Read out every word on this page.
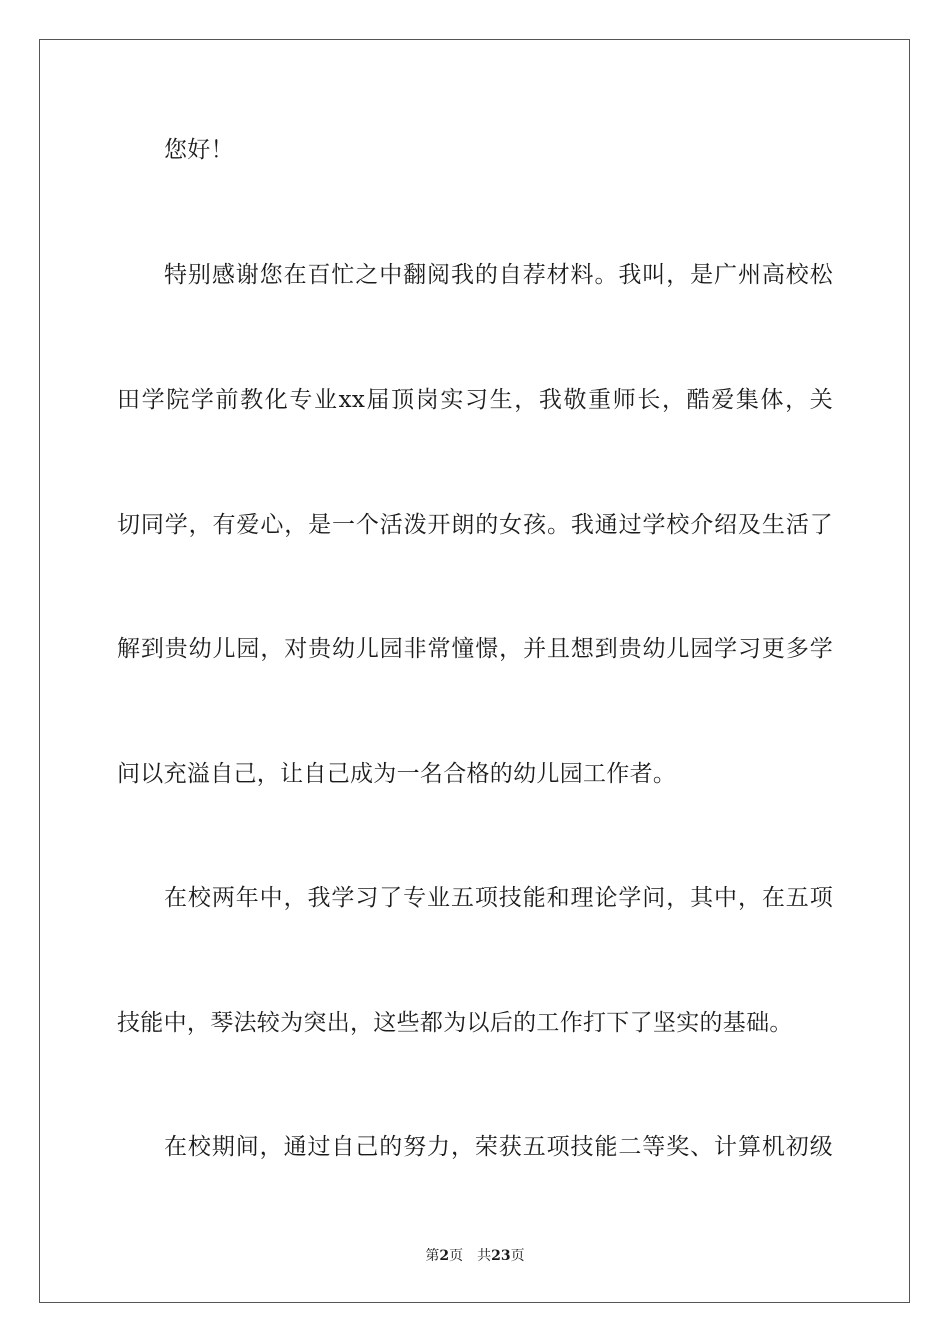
您好！
特别感谢您在百忙之中翻阅我的自荐材料。我叫，是广州高校松
田学院学前教化专业xx届顶岗实习生，我敬重师长，酷爱集体，关
切同学，有爱心，是一个活泼开朗的女孩。我通过学校介绍及生活了
解到贵幼儿园，对贵幼儿园非常憧憬，并且想到贵幼儿园学习更多学
问以充溢自己，让自己成为一名合格的幼儿园工作者。
在校两年中，我学习了专业五项技能和理论学问，其中，在五项
技能中，琴法较为突出，这些都为以后的工作打下了坚实的基础。
在校期间，通过自己的努力，荣获五项技能二等奖、计算机初级
第2页 共23页
